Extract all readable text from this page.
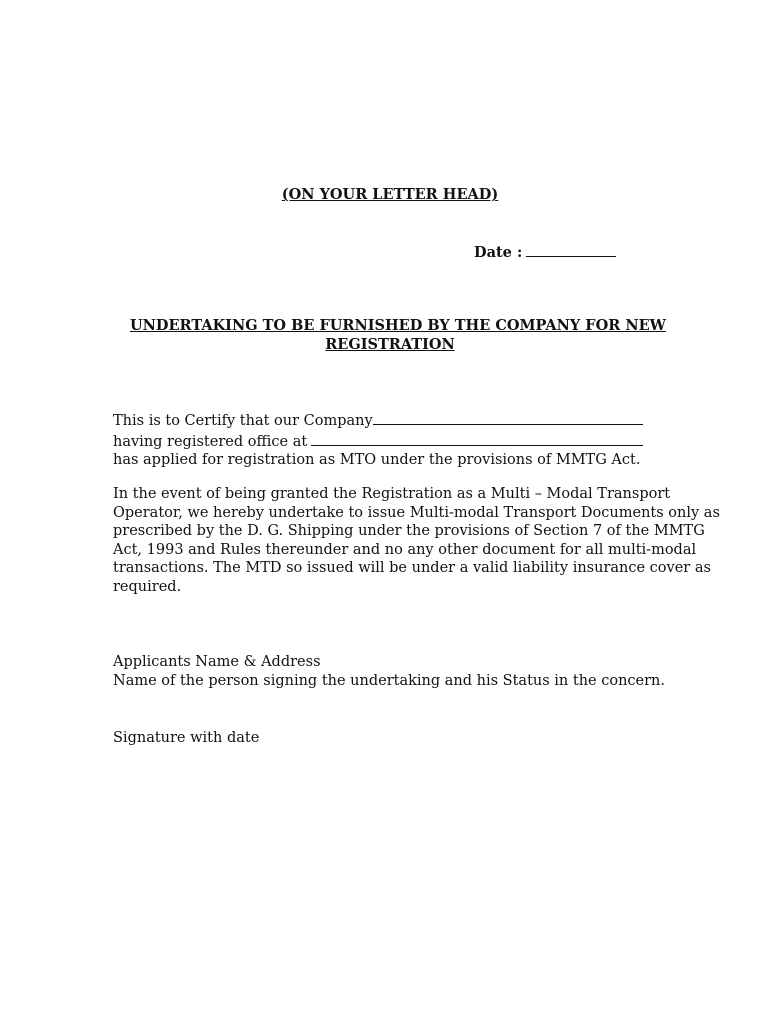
(ON YOUR LETTER HEAD)
Date :
UNDERTAKING TO BE FURNISHED BY THE COMPANY FOR NEW
REGISTRATION
This is to Certify that our Company
having registered office at
has applied for registration as MTO under the provisions of MMTG Act.
In the event of being granted the Registration as a Multi – Modal Transport
Operator, we hereby undertake to issue Multi-modal Transport Documents only as
prescribed by the D. G. Shipping under the provisions of Section 7 of the MMTG
Act, 1993 and Rules thereunder and no any other document for all multi-modal
transactions. The MTD so issued will be under a valid liability insurance cover as
required.
Applicants Name & Address
Name of the person signing the undertaking and his Status in the concern.
Signature with date
